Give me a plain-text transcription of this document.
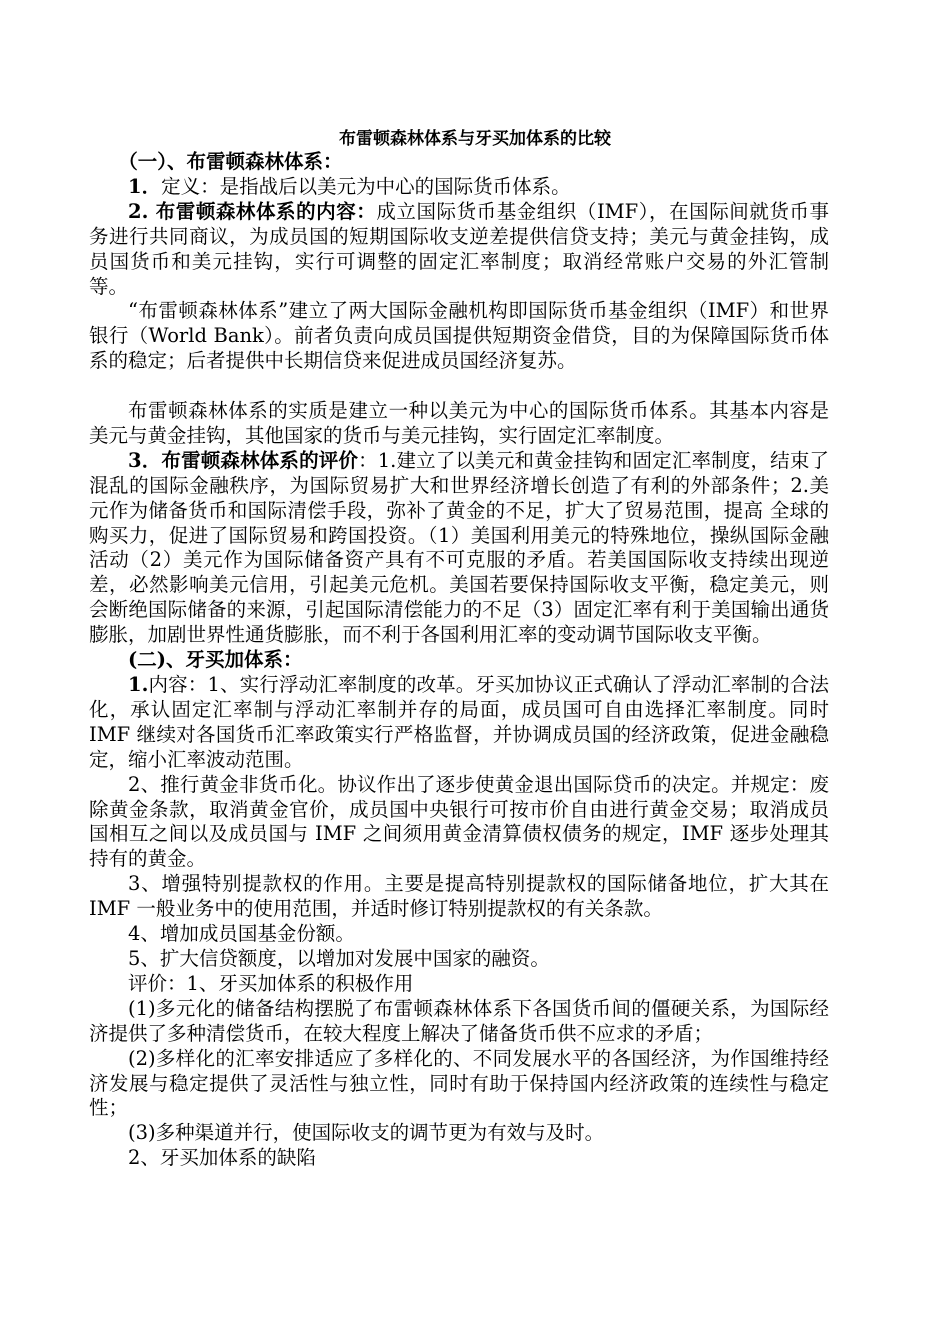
布雷顿森林体系与牙买加体系的比较

（一）、布雷顿森林体系：

1．定义：是指战后以美元为中心的国际货币体系。

2. 布雷顿森林体系的内容：成立国际货币基金组织（IMF），在国际间就货币事务进行共同商议，为成员国的短期国际收支逆差提供信贷支持；美元与黄金挂钩，成员国货币和美元挂钩，实行可调整的固定汇率制度；取消经常账户交易的外汇管制等。

“布雷顿森林体系”建立了两大国际金融机构即国际货币基金组织（IMF）和世界银行（World Bank）。前者负责向成员国提供短期资金借贷，目的为保障国际货币体系的稳定；后者提供中长期信贷来促进成员国经济复苏。

布雷顿森林体系的实质是建立一种以美元为中心的国际货币体系。其基本内容是美元与黄金挂钩，其他国家的货币与美元挂钩，实行固定汇率制度。

3．布雷顿森林体系的评价：1.建立了以美元和黄金挂钩和固定汇率制度，结束了混乱的国际金融秩序，为国际贸易扩大和世界经济增长创造了有利的外部条件；2.美元作为储备货币和国际清偿手段，弥补了黄金的不足，扩大了贸易范围，提高 全球的购买力，促进了国际贸易和跨国投资。（1）美国利用美元的特殊地位，操纵国际金融活动（2）美元作为国际储备资产具有不可克服的矛盾。若美国国际收支持续出现逆差，必然影响美元信用，引起美元危机。美国若要保持国际收支平衡，稳定美元，则会断绝国际储备的来源，引起国际清偿能力的不足（3）固定汇率有利于美国输出通货膨胀，加剧世界性通货膨胀，而不利于各国利用汇率的变动调节国际收支平衡。

(二)、牙买加体系：

1.内容：1、实行浮动汇率制度的改革。牙买加协议正式确认了浮动汇率制的合法化，承认固定汇率制与浮动汇率制并存的局面，成员国可自由选择汇率制度。同时 IMF 继续对各国货币汇率政策实行严格监督，并协调成员国的经济政策，促进金融稳定，缩小汇率波动范围。

2、推行黄金非货币化。协议作出了逐步使黄金退出国际贷币的决定。并规定：废除黄金条款，取消黄金官价，成员国中央银行可按市价自由进行黄金交易；取消成员国相互之间以及成员国与 IMF 之间须用黄金清算债权债务的规定，IMF 逐步处理其持有的黄金。

3、增强特别提款权的作用。主要是提高特别提款权的国际储备地位，扩大其在 IMF 一般业务中的使用范围，并适时修订特别提款权的有关条款。

4、增加成员国基金份额。

5、扩大信贷额度，以增加对发展中国家的融资。

评价：1、牙买加体系的积极作用

(1)多元化的储备结构摆脱了布雷顿森林体系下各国货币间的僵硬关系，为国际经济提供了多种清偿货币，在较大程度上解决了储备货币供不应求的矛盾；

(2)多样化的汇率安排适应了多样化的、不同发展水平的各国经济，为作国维持经济发展与稳定提供了灵活性与独立性，同时有助于保持国内经济政策的连续性与稳定性；

(3)多种渠道并行，使国际收支的调节更为有效与及时。

2、牙买加体系的缺陷
